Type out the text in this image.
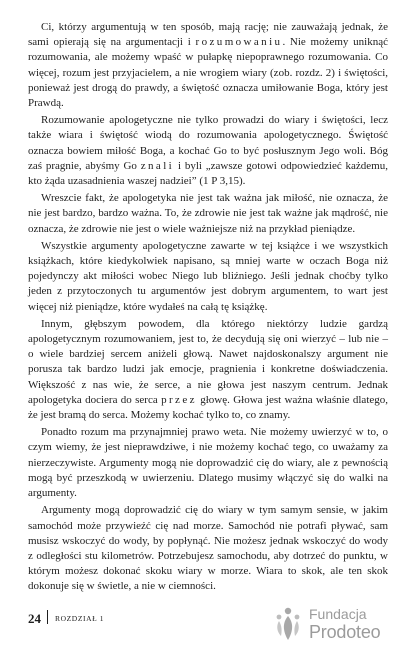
Ci, którzy argumentują w ten sposób, mają rację; nie zauważają jednak, że sami opierają się na argumentacji i rozumowaniu. Nie możemy uniknąć rozumowania, ale możemy wpaść w pułapkę niepoprawnego rozumowania. Co więcej, rozum jest przyjacielem, a nie wrogiem wiary (zob. rozdz. 2) i świętości, ponieważ jest drogą do prawdy, a świętość oznacza umiłowanie Boga, który jest Prawdą.

Rozumowanie apologetyczne nie tylko prowadzi do wiary i świętości, lecz także wiara i świętość wiodą do rozumowania apologetycznego. Świętość oznacza bowiem miłość Boga, a kochać Go to być posłusznym Jego woli. Bóg zaś pragnie, abyśmy Go znali i byli „zawsze gotowi odpowiedzieć każdemu, kto żąda uzasadnienia waszej nadziei” (1 P 3,15).

Wreszcie fakt, że apologetyka nie jest tak ważna jak miłość, nie oznacza, że nie jest bardzo, bardzo ważna. To, że zdrowie nie jest tak ważne jak mądrość, nie oznacza, że zdrowie nie jest o wiele ważniejsze niż na przykład pieniądze.

Wszystkie argumenty apologetyczne zawarte w tej książce i we wszystkich książkach, które kiedykolwiek napisano, są mniej warte w oczach Boga niż pojedynczy akt miłości wobec Niego lub bliźniego. Jeśli jednak choćby tylko jeden z przytoczonych tu argumentów jest dobrym argumentem, to wart jest więcej niż pieniądze, które wydałeś na całą tę książkę.

Innym, głębszym powodem, dla którego niektórzy ludzie gardzą apologetycznym rozumowaniem, jest to, że decydują się oni wierzyć – lub nie – o wiele bardziej sercem aniżeli głową. Nawet najdoskonalszy argument nie porusza tak bardzo ludzi jak emocje, pragnienia i konkretne doświadczenia. Większość z nas wie, że serce, a nie głowa jest naszym centrum. Jednak apologetyka dociera do serca przez głowę. Głowa jest ważna właśnie dlatego, że jest bramą do serca. Możemy kochać tylko to, co znamy.

Ponadto rozum ma przynajmniej prawo weta. Nie możemy uwierzyć w to, o czym wiemy, że jest nieprawdziwe, i nie możemy kochać tego, co uważamy za nierzeczywiste. Argumenty mogą nie doprowadzić cię do wiary, ale z pewnością mogą być przeszkodą w uwierzeniu. Dlatego musimy włączyć się do walki na argumenty.

Argumenty mogą doprowadzić cię do wiary w tym samym sensie, w jakim samochód może przywieźć cię nad morze. Samochód nie potrafi pływać, sam musisz wskoczyć do wody, by popłynąć. Nie możesz jednak wskoczyć do wody z odległości stu kilometrów. Potrzebujesz samochodu, aby dotrzeć do punktu, w którym możesz dokonać skoku wiary w morze. Wiara to skok, ale ten skok dokonuje się w świetle, a nie w ciemności.

24 ROZDZIAŁ 1	Fundacja
Prodoteo
